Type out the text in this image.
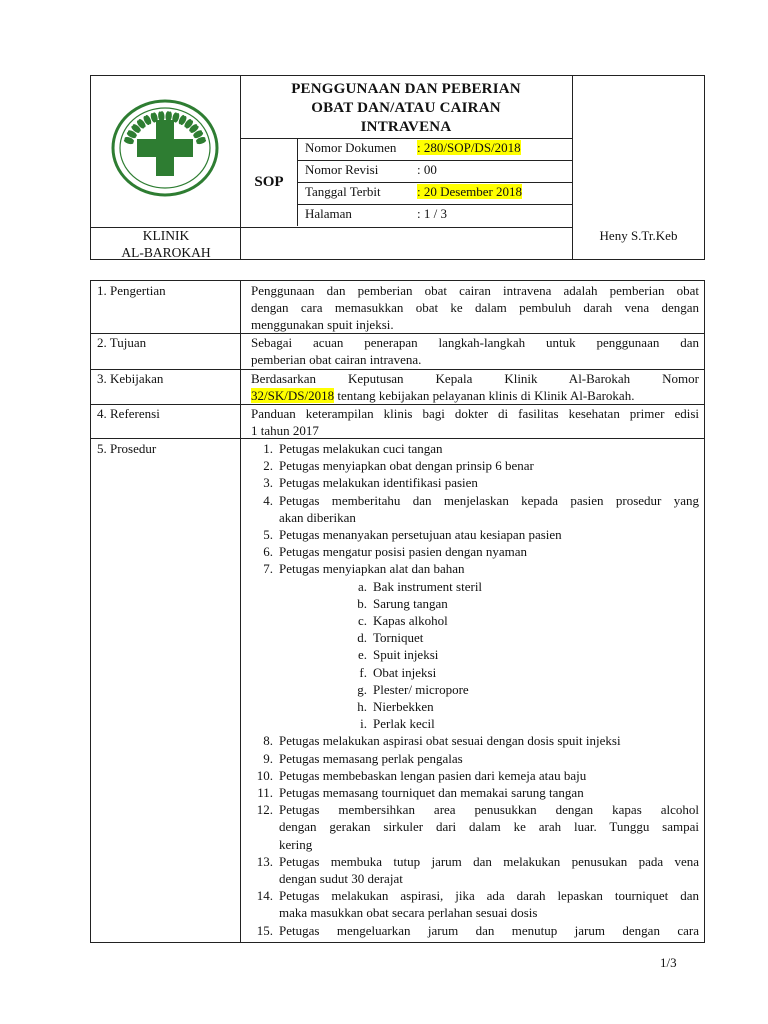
KLINIK
AL-BAROKAH
PENGGUNAAN DAN PEBERIAN
OBAT DAN/ATAU CAIRAN
INTRAVENA
SOP
Nomor Dokumen : 280/SOP/DS/2018
Nomor Revisi	: 00
Tanggal Terbit	: 20 Desember 2018
Halaman	: 1 / 3
Heny S.Tr.Keb
1. Pengertian	Penggunaan dan pemberian obat cairan intravena adalah pemberian obat
dengan cara memasukkan obat ke dalam pembuluh darah vena dengan
menggunakan spuit injeksi.
2. Tujuan	Sebagai acuan penerapan langkah-langkah untuk penggunaan dan
pemberian obat cairan intravena.
3. Kebijakan	Berdasarkan Keputusan Kepala Klinik Al-Barokah Nomor
32/SK/DS/2018 tentang kebijakan pelayanan klinis di Klinik Al-Barokah.
4. Referensi	Panduan keterampilan klinis bagi dokter di fasilitas kesehatan primer edisi
1 tahun 2017
5. Prosedur	1. Petugas melakukan cuci tangan
2. Petugas menyiapkan obat dengan prinsip 6 benar
3. Petugas melakukan identifikasi pasien
4. Petugas memberitahu dan menjelaskan kepada pasien prosedur yang
akan diberikan
5. Petugas menanyakan persetujuan atau kesiapan pasien
6. Petugas mengatur posisi pasien dengan nyaman
7. Petugas menyiapkan alat dan bahan
a. Bak instrument steril
b. Sarung tangan
c. Kapas alkohol
d. Torniquet
e. Spuit injeksi
f. Obat injeksi
g. Plester/ micropore
h. Nierbekken
i. Perlak kecil
8. Petugas melakukan aspirasi obat sesuai dengan dosis spuit injeksi
9. Petugas memasang perlak pengalas
10. Petugas membebaskan lengan pasien dari kemeja atau baju
11. Petugas memasang tourniquet dan memakai sarung tangan
12. Petugas membersihkan area penusukkan dengan kapas alcohol
dengan gerakan sirkuler dari dalam ke arah luar. Tunggu sampai
kering
13. Petugas membuka tutup jarum dan melakukan penusukan pada vena
dengan sudut 30 derajat
14. Petugas melakukan aspirasi, jika ada darah lepaskan tourniquet dan
maka masukkan obat secara perlahan sesuai dosis
15. Petugas mengeluarkan jarum dan menutup jarum dengan cara
1/3
